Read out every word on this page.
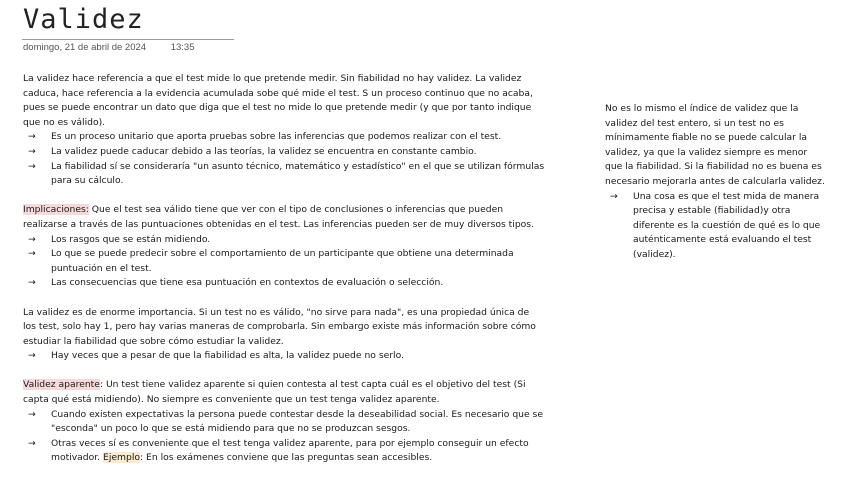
Validez
domingo, 21 de abril de 2024	13:35

La validez hace referencia a que el test mide lo que pretende medir. Sin fiabilidad no hay validez. La validez caduca, hace referencia a la evidencia acumulada sobe qué mide el test. S un proceso continuo que no acaba, pues se puede encontrar un dato que diga que el test no mide lo que pretende medir (y que por tanto indique que no es válido).

→ Es un proceso unitario que aporta pruebas sobre las inferencias que podemos realizar con el test.
→ La validez puede caducar debido a las teorías, la validez se encuentra en constante cambio.
→ La fiabilidad sí se consideraría "un asunto técnico, matemático y estadístico" en el que se utilizan fórmulas para su cálculo.

Implicaciones: Que el test sea válido tiene que ver con el tipo de conclusiones o inferencias que pueden realizarse a través de las puntuaciones obtenidas en el test. Las inferencias pueden ser de muy diversos tipos.

→ Los rasgos que se están midiendo.
→ Lo que se puede predecir sobre el comportamiento de un participante que obtiene una determinada puntuación en el test.
→ Las consecuencias que tiene esa puntuación en contextos de evaluación o selección.

La validez es de enorme importancia. Si un test no es válido, "no sirve para nada", es una propiedad única de los test, solo hay 1, pero hay varias maneras de comprobarla. Sin embargo existe más información sobre cómo estudiar la fiabilidad que sobre cómo estudiar la validez.

→ Hay veces que a pesar de que la fiabilidad es alta, la validez puede no serlo.

Validez aparente: Un test tiene validez aparente si quien contesta al test capta cuál es el objetivo del test (Si capta qué está midiendo). No siempre es conveniente que un test tenga validez aparente.

→ Cuando existen expectativas la persona puede contestar desde la deseabilidad social. Es necesario que se "esconda" un poco lo que se está midiendo para que no se produzcan sesgos.
→ Otras veces sí es conveniente que el test tenga validez aparente, para por ejemplo conseguir un efecto motivador. Ejemplo: En los exámenes conviene que las preguntas sean accesibles.

No es lo mismo el índice de validez que la validez del test entero, si un test no es mínimamente fiable no se puede calcular la validez, ya que la validez siempre es menor que la fiabilidad. Si la fiabilidad no es buena es necesario mejorarla antes de calcularla validez.

→ Una cosa es que el test mida de manera precisa y estable (fiabilidad)y otra diferente es la cuestión de qué es lo que auténticamente está evaluando el test (validez).
